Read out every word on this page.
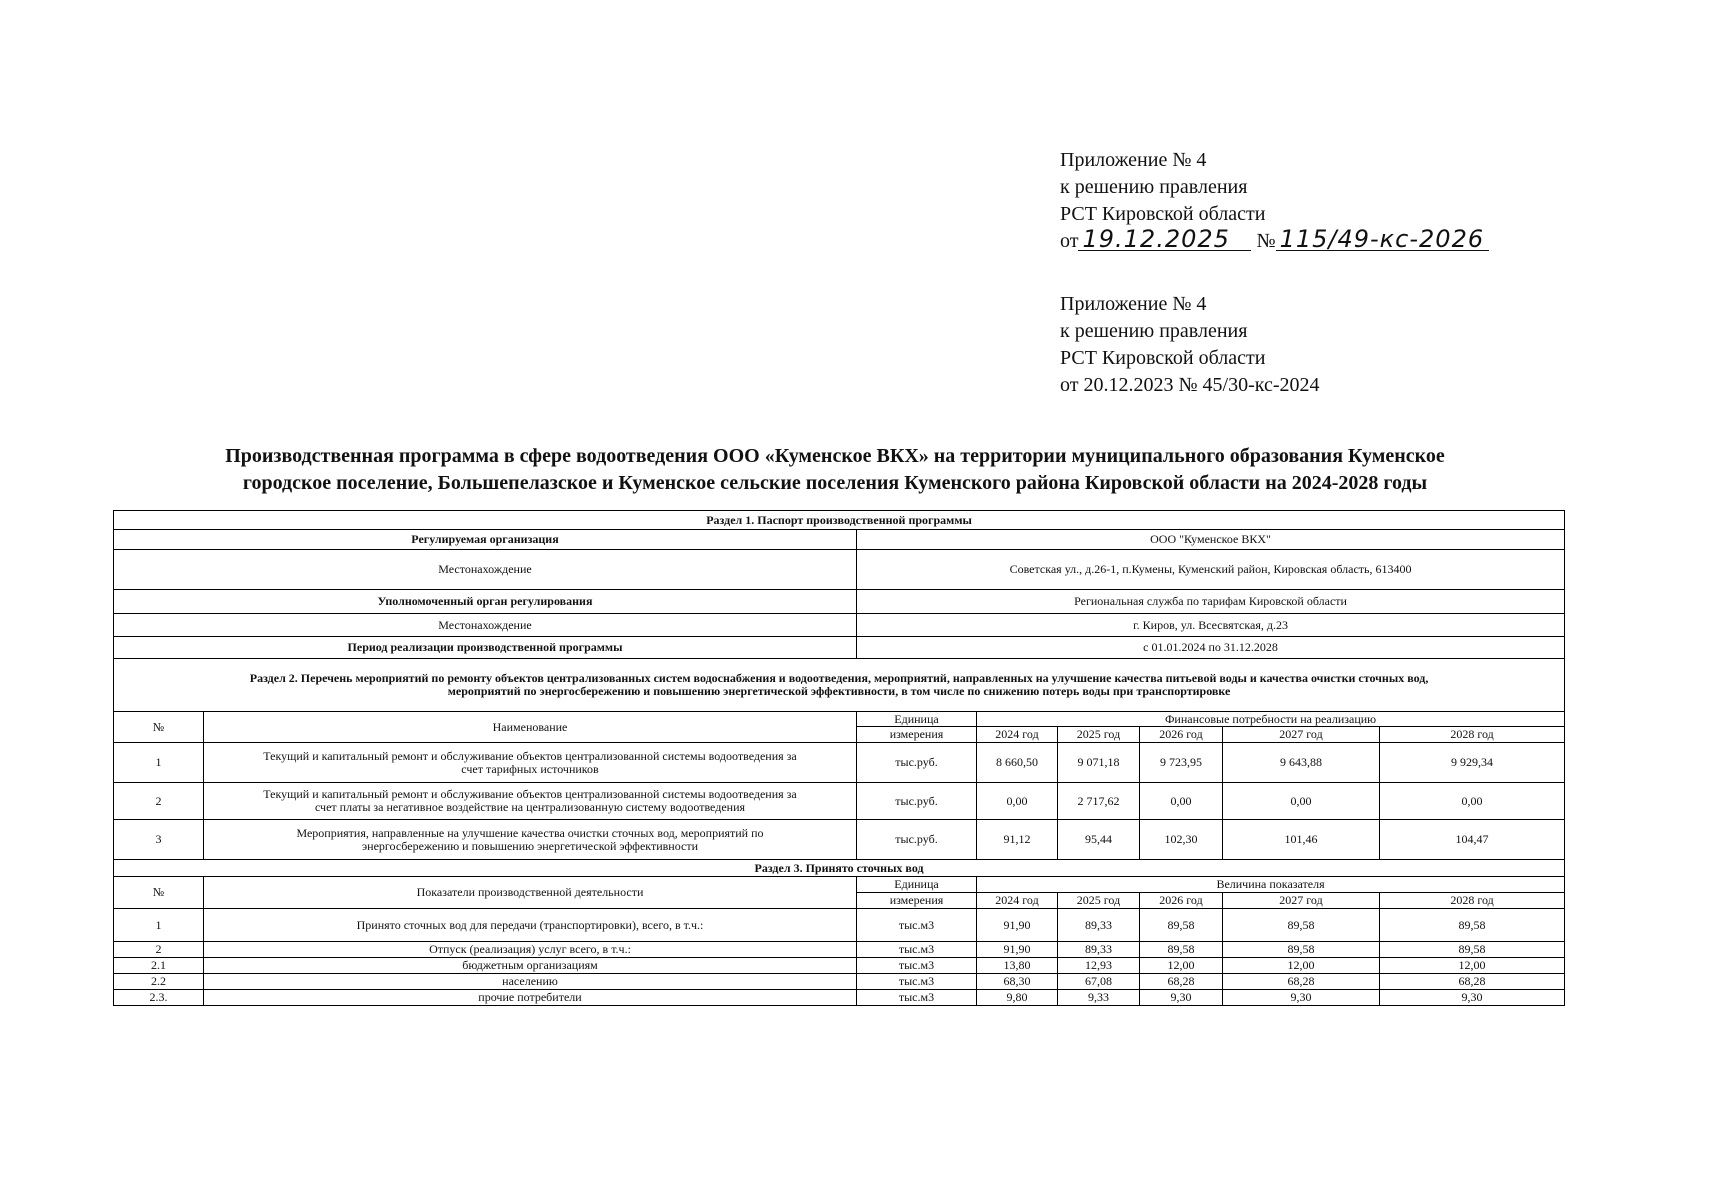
Приложение № 4
к решению правления
РСТ Кировской области
от 19.12.2025 № 115/49-кс-2026
Приложение № 4
к решению правления
РСТ Кировской области
от 20.12.2023 № 45/30-кс-2024
Производственная программа в сфере водоотведения ООО «Куменское ВКХ» на территории муниципального образования Куменское
городское поселение, Большепелазское и Куменское сельские поселения Куменского района Кировской области на 2024-2028 годы
Раздел 1. Паспорт производственной программы							
Регулируемая организация		ООО "Куменское ВКХ"					
Местонахождение		Советская ул., д.26-1, п.Кумены, Куменский район, Кировская область, 613400					
Уполномоченный орган регулирования		Региональная служба по тарифам Кировской области					
Местонахождение		г. Киров, ул. Всесвятская, д.23					
Период реализации производственной программы		с 01.01.2024 по 31.12.2028					

Раздел 2. Перечень мероприятий по ремонту объектов централизованных систем водоснабжения и водоотведения, мероприятий, направленных на улучшение качества питьевой воды и качества очистки сточных вод,
мероприятий по энергосбережению и повышению энергетической эффективности, в том числе по снижению потерь воды при транспортировке							

№	Наименование	Единица	Финансовые потребности на реализацию				
		измерения	2024 год	2025 год	2026 год	2027 год	2028 год
1	Текущий и капитальный ремонт и обслуживание объектов централизованной системы водоотведения за
счет тарифных источников	тыс.руб.	8 660,50	9 071,18	9 723,95	9 643,88	9 929,34
2	Текущий и капитальный ремонт и обслуживание объектов централизованной системы водоотведения за
счет платы за негативное воздействие на централизованную систему водоотведения	тыс.руб.	0,00	2 717,62	0,00	0,00	0,00
3	Мероприятия, направленные на улучшение качества очистки сточных вод, мероприятий по
энергосбережению и повышению энергетической эффективности	тыс.руб.	91,12	95,44	102,30	101,46	104,47
Раздел 3. Принято сточных вод							
№	Показатели производственной деятельности	Единица	Величина показателя				
		измерения	2024 год	2025 год	2026 год	2027 год	2028 год
1	Принято сточных вод для передачи (транспортировки), всего, в т.ч.:	тыс.м3	91,90	89,33	89,58	89,58	89,58
2	Отпуск (реализация) услуг всего, в т.ч.:	тыс.м3	91,90	89,33	89,58	89,58	89,58
2.1	бюджетным организациям	тыс.м3	13,80	12,93	12,00	12,00	12,00
2.2	населению	тыс.м3	68,30	67,08	68,28	68,28	68,28
2.3.	прочие потребители	тыс.м3	9,80	9,33	9,30	9,30	9,30
